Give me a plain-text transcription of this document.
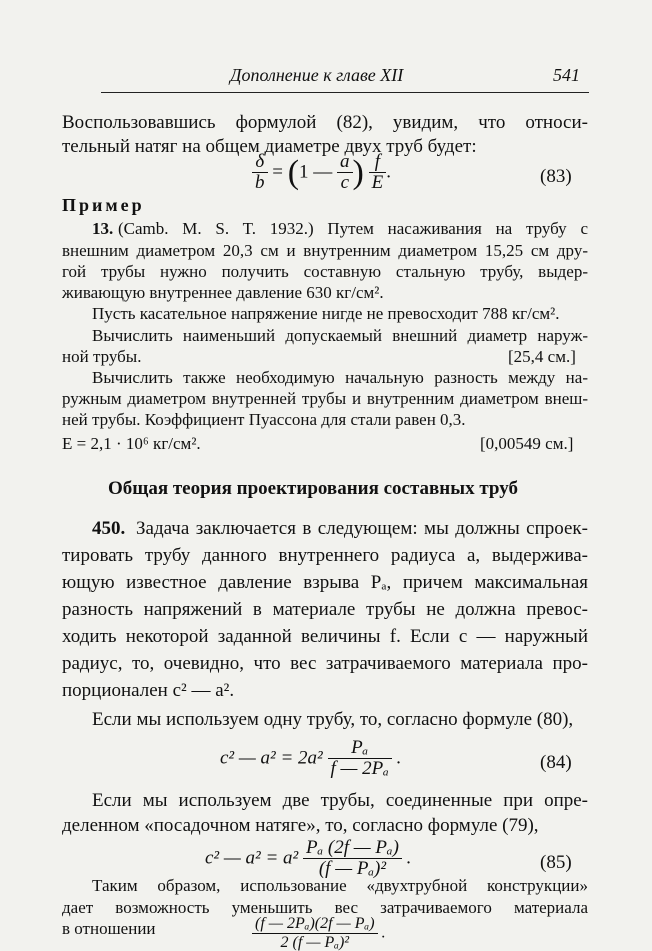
Дополнение к главе XII	541
Воспользовавшись формулой (82), увидим, что относи-
тельный натяг на общем диаметре двух труб будет:
$\frac{\delta}{b} = (1$ — $\frac{a}{c}$ ) $\frac{f}{E}$ .	(83)
Пример
13. (Camb. M. S. T. 1932.) Путем насаживания на трубу с
внешним диаметром 20,3 см и внутренним диаметром 15,25 см дру-
гой трубы нужно получить составную стальную трубу, выдер-
живающую внутреннее давление 630 кг/см².
Пусть касательное напряжение нигде не превосходит 788 кг/см².
Вычислить наименьший допускаемый внешний диаметр наруж-
ной трубы.	[25,4 см.]
Вычислить также необходимую начальную разность между на-
ружным диаметром внутренней трубы и внутренним диаметром внеш-
ней трубы. Коэффициент Пуассона для стали равен 0,3.
E = 2,1 · 10⁶ кг/см².	[0,00549 см.]
Общая теория проектирования составных труб
450. Задача заключается в следующем: мы должны спроек-
тировать трубу данного внутреннего радиуса a, выдержива-
ющую известное давление взрыва Pₐ, причем максимальная
разность напряжений в материале трубы не должна превос-
ходить некоторой заданной величины f. Если c — наружный
радиус, то, очевидно, что вес затрачиваемого материала про-
порционален c² — a².
Если мы используем одну трубу, то, согласно формуле (80),
c² — $a^2 = 2a^2 \frac{\text{Pₐ}}{\text{f — 2Pₐ}}$ .	(84)
Если мы используем две трубы, соединенные при опре-
деленном «посадочном натяге», то, согласно формуле (79),
c² — $a^2 = a^2 \frac{\text{Pₐ (2f — Pₐ)}}{\text{(f — Pₐ)²}}$ .	(85)
Таким образом, использование «двухтрубной конструкции»
дает возможность уменьшить вес затрачиваемого материала
в отношении	$\frac{\text{(f — 2Pₐ)(2f — Pₐ)}}{\text{2 (f — Pₐ)²}}$ .
